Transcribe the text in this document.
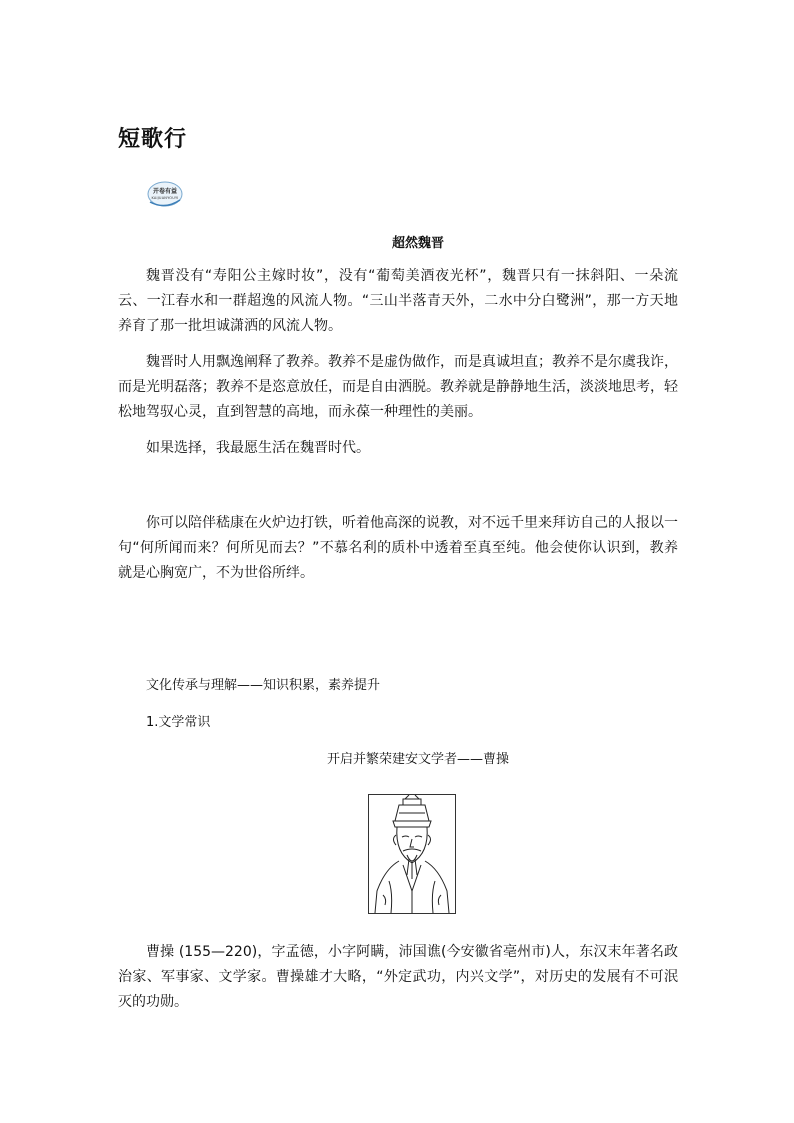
短歌行
开卷有益
KAIJUANYOUYI
超然魏晋
魏晋没有“寿阳公主嫁时妆”，没有“葡萄美酒夜光杯”，魏晋只有一抹斜阳、一朵流云、一江春水和一群超逸的风流人物。“三山半落青天外，二水中分白鹭洲”，那一方天地养育了那一批坦诚潇洒的风流人物。
魏晋时人用飘逸阐释了教养。教养不是虚伪做作，而是真诚坦直；教养不是尔虞我诈，而是光明磊落；教养不是恣意放任，而是自由洒脱。教养就是静静地生活，淡淡地思考，轻松地驾驭心灵，直到智慧的高地，而永葆一种理性的美丽。
如果选择，我最愿生活在魏晋时代。
你可以陪伴嵇康在火炉边打铁，听着他高深的说教，对不远千里来拜访自己的人报以一句“何所闻而来？何所见而去？”不慕名利的质朴中透着至真至纯。他会使你认识到，教养就是心胸宽广，不为世俗所绊。
文化传承与理解——知识积累，素养提升
1.文学常识
开启并繁荣建安文学者——曹操
曹操 (155—220)，字孟德，小字阿瞒，沛国谯(今安徽省亳州市)人，东汉末年著名政治家、军事家、文学家。曹操雄才大略，“外定武功，内兴文学”，对历史的发展有不可泯灭的功勋。
